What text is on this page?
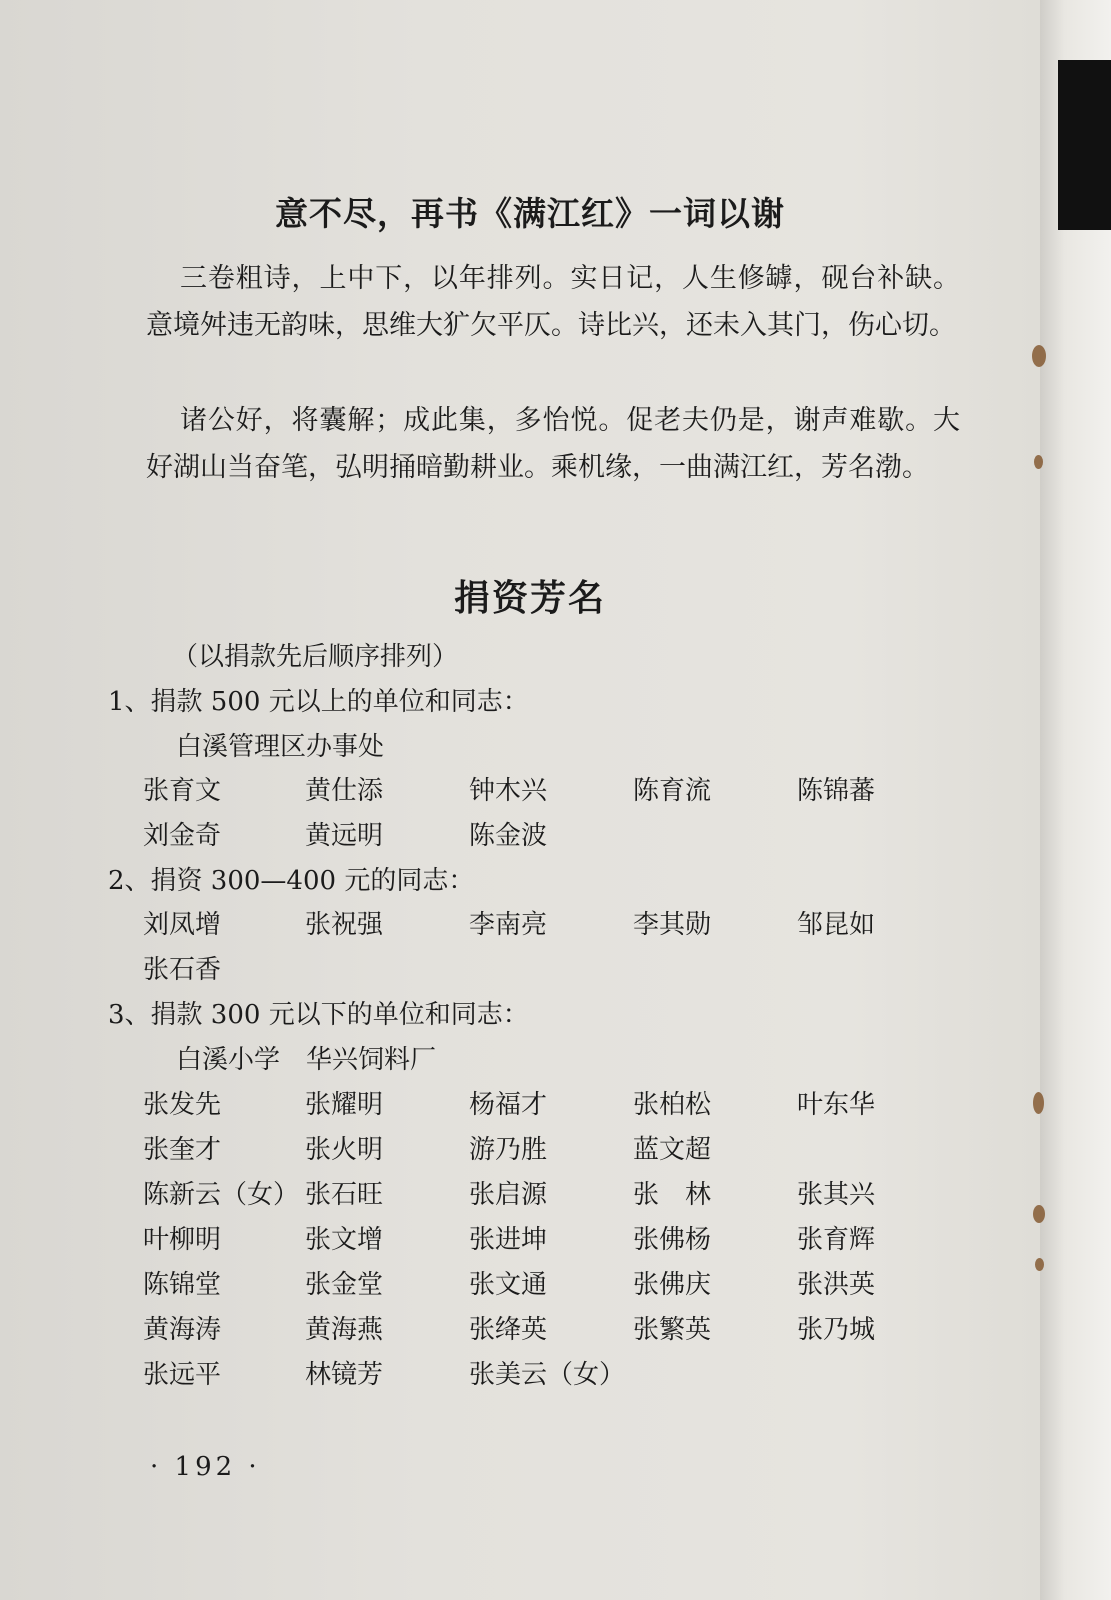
意不尽，再书《满江红》一词以谢

三卷粗诗，上中下，以年排列。实日记，人生修罅，砚台补缺。意境舛违无韵味，思维大犷欠平仄。诗比兴，还未入其门，伤心切。

诸公好，将囊解；成此集，多怡悦。促老夫仍是，谢声难歇。大好湖山当奋笔，弘明捅暗勤耕业。乘机缘，一曲满江红，芳名渤。

捐资芳名

（以捐款先后顺序排列）

1、捐款 500 元以上的单位和同志：

白溪管理区办事处

张育文	黄仕添	钟木兴	陈育流	陈锦蕃
刘金奇	黄远明	陈金波

2、捐资 300—400 元的同志：

刘凤增	张祝强	李南亮	李其勋	邹昆如
张石香

3、捐款 300 元以下的单位和同志：

白溪小学　华兴饲料厂

张发先	张耀明	杨福才	张柏松	叶东华
张奎才	张火明	游乃胜	蓝文超
陈新云（女） 张石旺	张启源	张　林	张其兴
叶柳明	张文增	张进坤	张佛杨	张育辉
陈锦堂	张金堂	张文通	张佛庆	张洪英
黄海涛	黄海燕	张绛英	张繁英	张乃城
张远平	林镜芳	张美云（女）
· 192 ·
